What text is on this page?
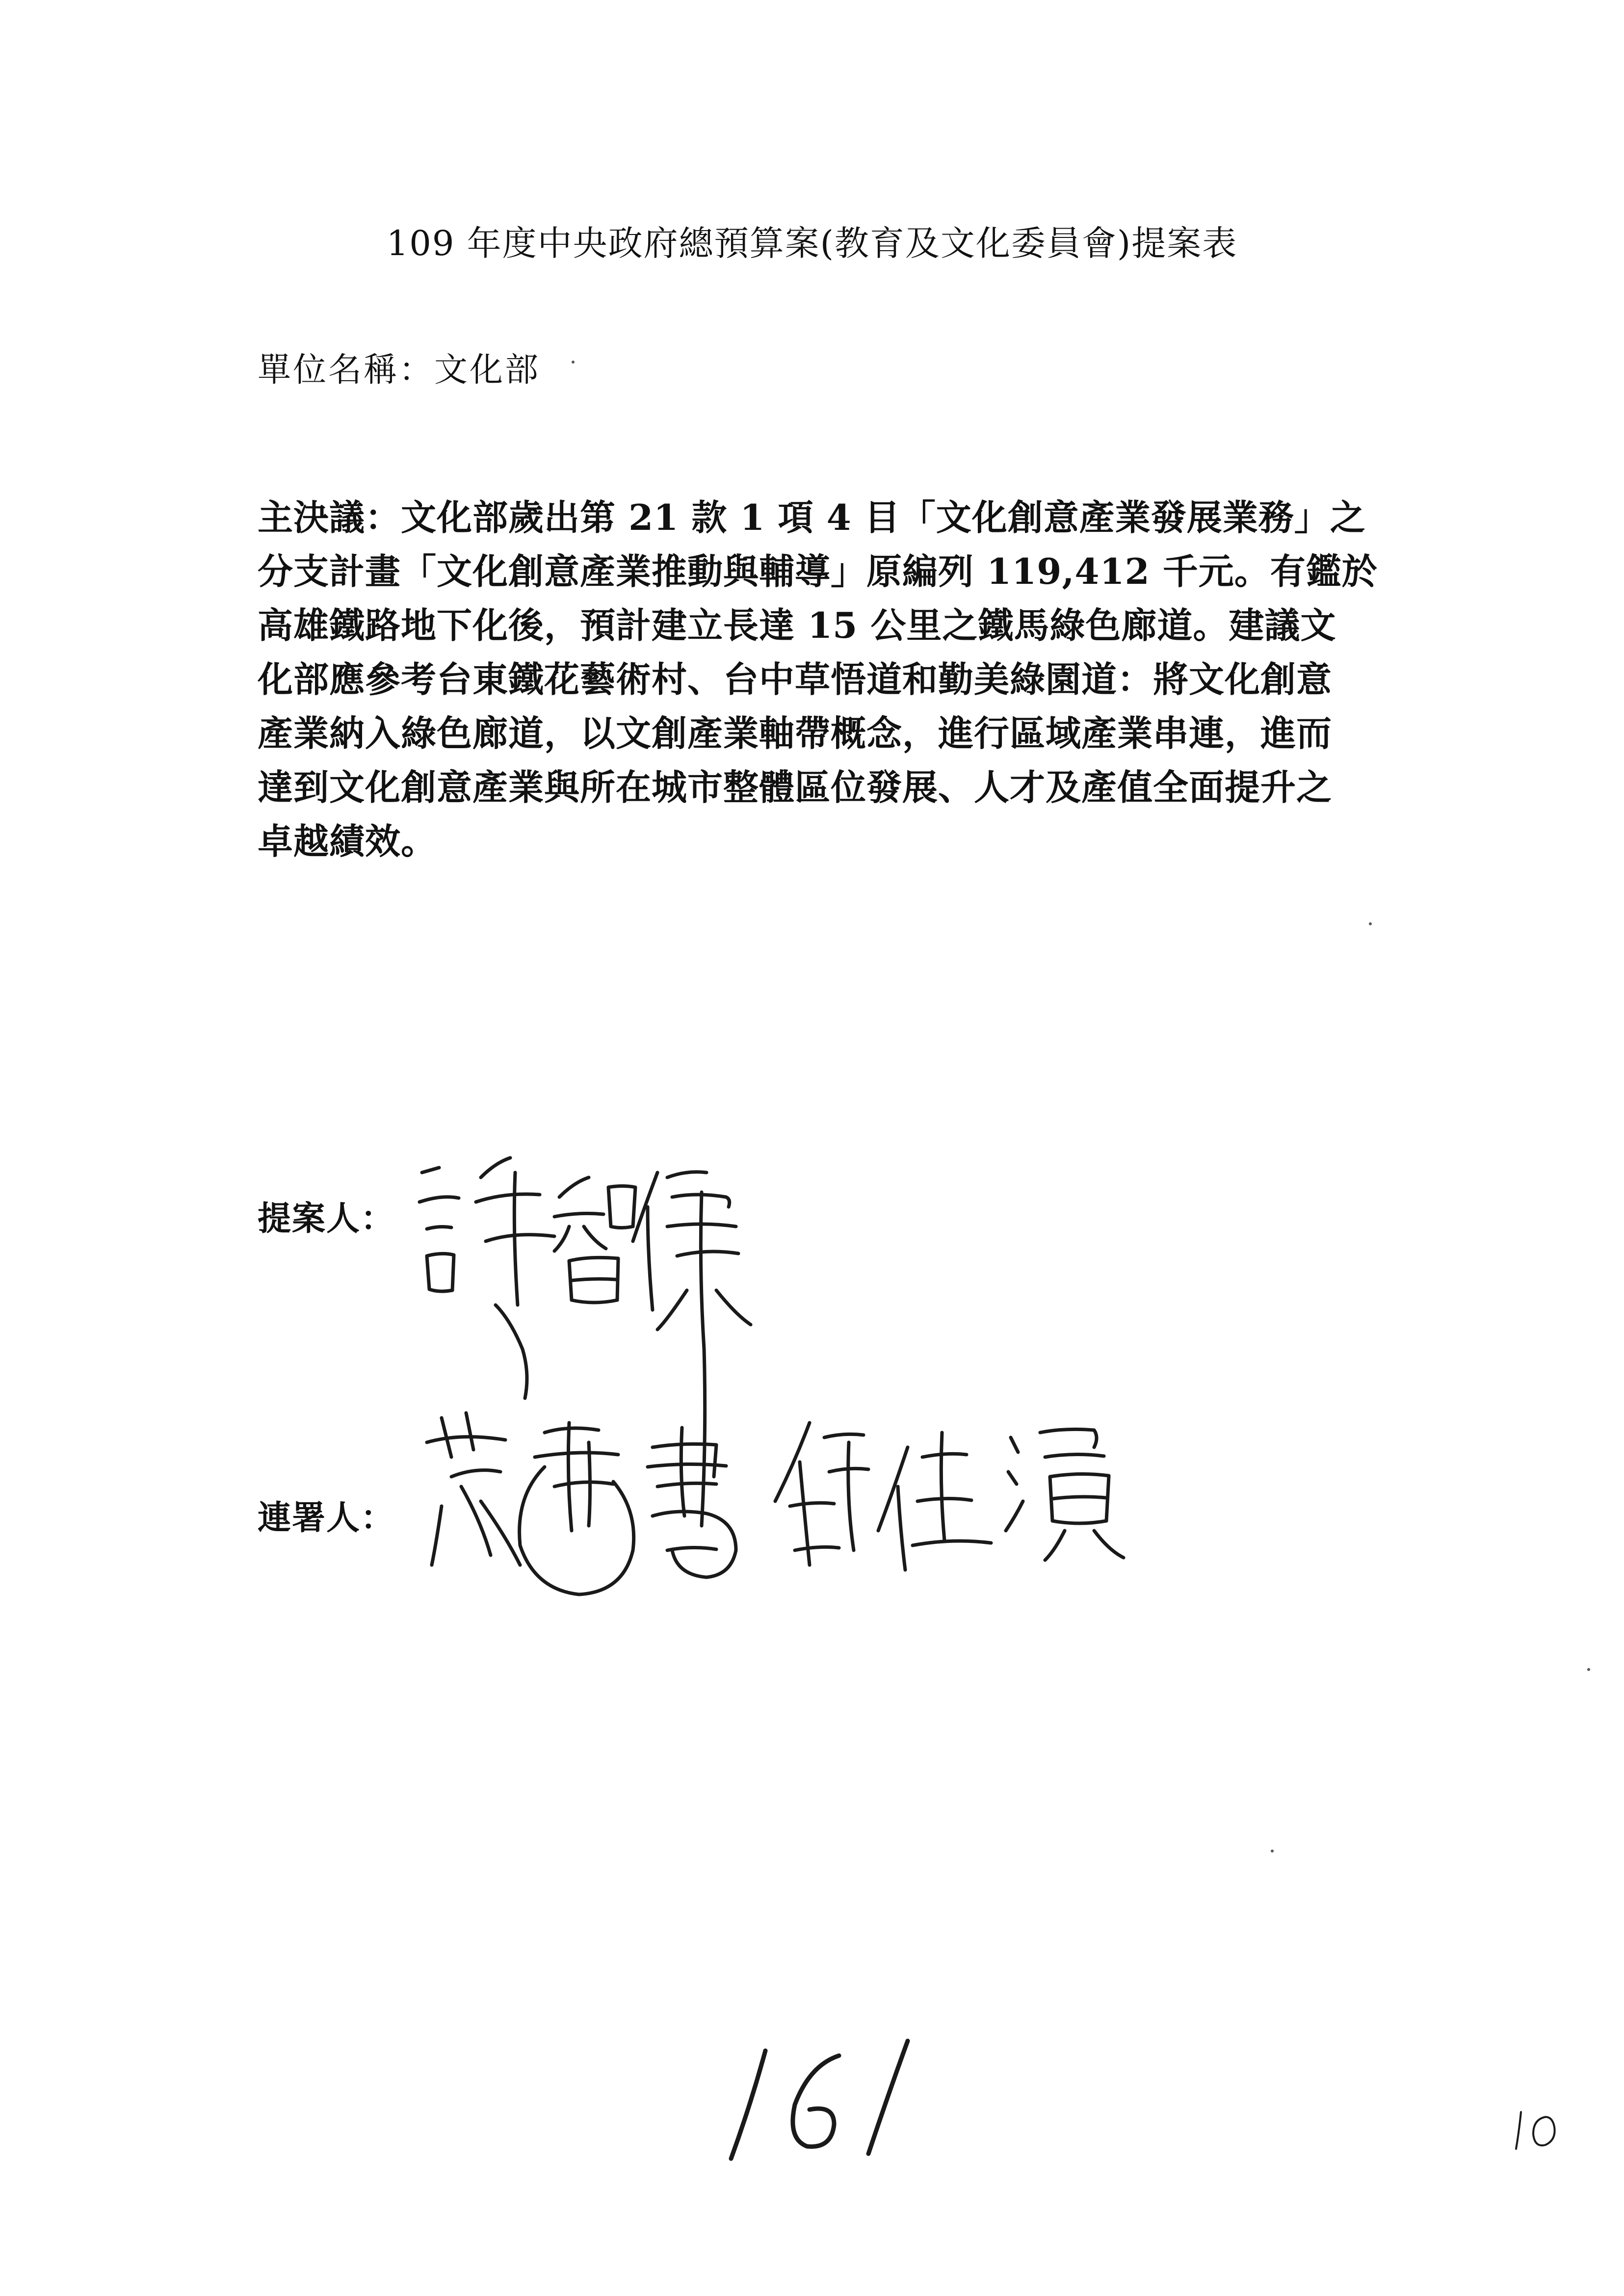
109 年度中央政府總預算案(教育及文化委員會)提案表
單位名稱：文化部
主決議：文化部歲出第 21 款 1 項 4 目「文化創意產業發展業務」之
分支計畫「文化創意產業推動與輔導」原編列 119,412 千元。有鑑於
高雄鐵路地下化後，預計建立長達 15 公里之鐵馬綠色廊道。建議文
化部應參考台東鐵花藝術村、台中草悟道和勤美綠園道：將文化創意
產業納入綠色廊道，以文創產業軸帶概念，進行區域產業串連，進而
達到文化創意產業與所在城市整體區位發展、人才及產值全面提升之
卓越績效。
提案人：
連署人：
